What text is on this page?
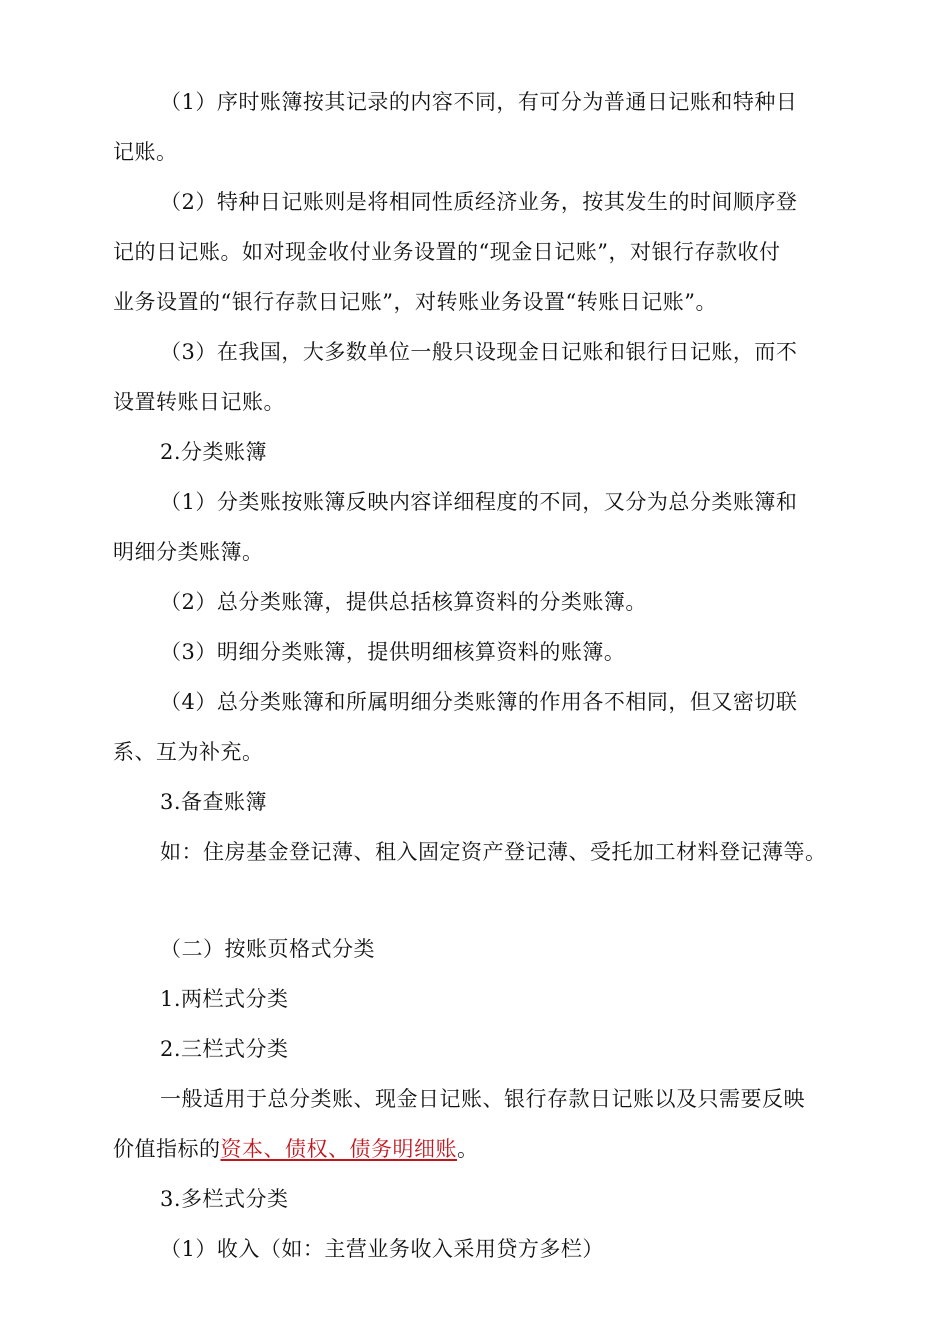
（1）序时账簿按其记录的内容不同，有可分为普通日记账和特种日
记账。
（2）特种日记账则是将相同性质经济业务，按其发生的时间顺序登
记的日记账。如对现金收付业务设置的“现金日记账”，对银行存款收付
业务设置的“银行存款日记账”，对转账业务设置“转账日记账”。
（3）在我国，大多数单位一般只设现金日记账和银行日记账，而不
设置转账日记账。
2.分类账簿
（1）分类账按账簿反映内容详细程度的不同，又分为总分类账簿和
明细分类账簿。
（2）总分类账簿，提供总括核算资料的分类账簿。
（3）明细分类账簿，提供明细核算资料的账簿。
（4）总分类账簿和所属明细分类账簿的作用各不相同，但又密切联
系、互为补充。
3.备查账簿
如：住房基金登记薄、租入固定资产登记薄、受托加工材料登记薄等。
（二）按账页格式分类
1.两栏式分类
2.三栏式分类
一般适用于总分类账、现金日记账、银行存款日记账以及只需要反映
价值指标的资本、债权、债务明细账。
3.多栏式分类
（1）收入（如：主营业务收入采用贷方多栏）
